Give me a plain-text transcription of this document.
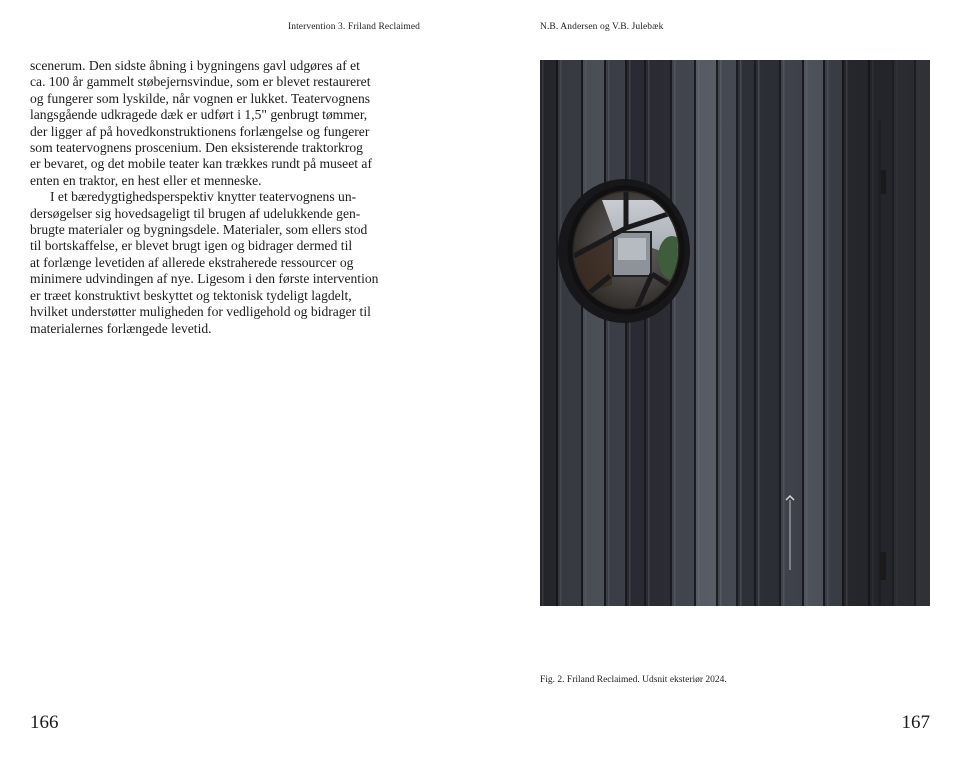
Intervention 3. Friland Reclaimed	N.B. Andersen og V.B. Julebæk
scenerum. Den sidste åbning i bygningens gavl udgøres af et
ca. 100 år gammelt støbejernsvindue, som er blevet restaureret
og fungerer som lyskilde, når vognen er lukket. Teatervognens
langsgående udkragede dæk er udført i 1,5" genbrugt tømmer,
der ligger af på hovedkonstruktionens forlængelse og fungerer
som teatervognens proscenium. Den eksisterende traktorkrog
er bevaret, og det mobile teater kan trækkes rundt på museet af
enten en traktor, en hest eller et menneske.
I et bæredygtighedsperspektiv knytter teatervognens un-
dersøgelser sig hovedsageligt til brugen af udelukkende gen-
brugte materialer og bygningsdele. Materialer, som ellers stod
til bortskaffelse, er blevet brugt igen og bidrager dermed til
at forlænge levetiden af allerede ekstraherede ressourcer og
minimere udvindingen af nye. Ligesom i den første intervention
er træet konstruktivt beskyttet og tektonisk tydeligt lagdelt,
hvilket understøtter muligheden for vedligehold og bidrager til
materialernes forlængede levetid.
Fig. 2. Friland Reclaimed. Udsnit eksteriør 2024.
166	167
